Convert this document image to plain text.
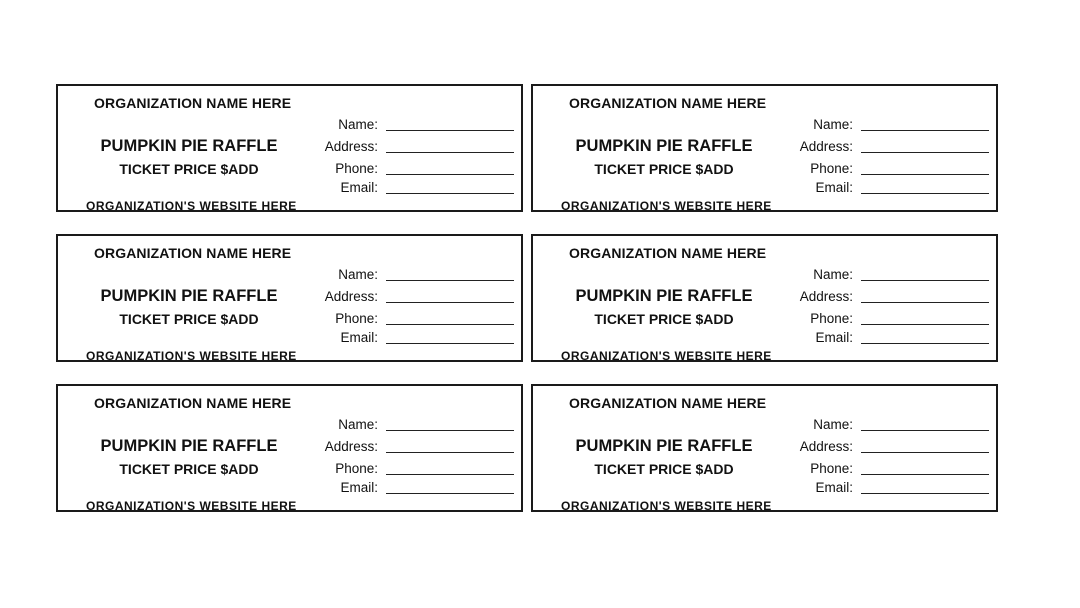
ORGANIZATION NAME HERE
PUMPKIN PIE RAFFLE
TICKET PRICE $ADD
ORGANIZATION'S WEBSITE HERE
Name:
Address:
Phone:
Email:
ORGANIZATION NAME HERE
PUMPKIN PIE RAFFLE
TICKET PRICE $ADD
ORGANIZATION'S WEBSITE HERE
Name:
Address:
Phone:
Email:
ORGANIZATION NAME HERE
PUMPKIN PIE RAFFLE
TICKET PRICE $ADD
ORGANIZATION'S WEBSITE HERE
Name:
Address:
Phone:
Email:
ORGANIZATION NAME HERE
PUMPKIN PIE RAFFLE
TICKET PRICE $ADD
ORGANIZATION'S WEBSITE HERE
Name:
Address:
Phone:
Email:
ORGANIZATION NAME HERE
PUMPKIN PIE RAFFLE
TICKET PRICE $ADD
ORGANIZATION'S WEBSITE HERE
Name:
Address:
Phone:
Email:
ORGANIZATION NAME HERE
PUMPKIN PIE RAFFLE
TICKET PRICE $ADD
ORGANIZATION'S WEBSITE HERE
Name:
Address:
Phone:
Email:
